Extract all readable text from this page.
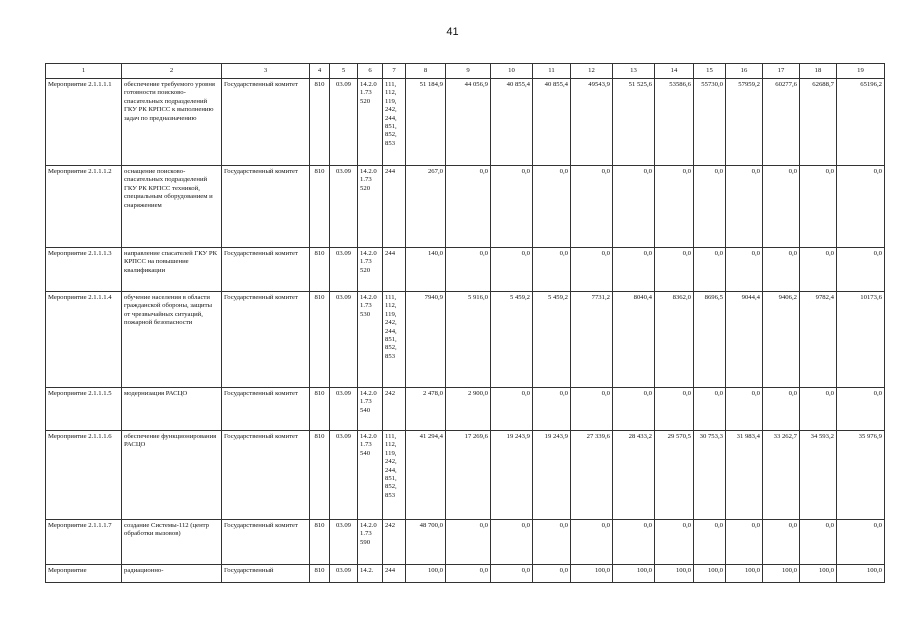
41
1	2	3	4	5	6	7	8	9	10	11	12	13	14	15	16	17	18	19
Мероприятие 2.1.1.1.1	обеспечение требуемого уровня готовности поисково-спасательных подразделений ГКУ РК КРПСС к выполнению задач по предназначению	Государственный комитет	810	03.09	14.2.01.73 520	111, 112, 119, 242, 244, 851, 852, 853	51 184,9	44 056,9	40 855,4	40 855,4	49543,9	51 525,6	53586,6	55730,0	57959,2	60277,6	62688,7	65196,2
Мероприятие 2.1.1.1.2	оснащение поисково-спасательных подразделений ГКУ РК КРПСС техникой, специальным оборудованием и снаряжением	Государственный комитет	810	03.09	14.2.01.73 520	244	267,0	0,0	0,0	0,0	0,0	0,0	0,0	0,0	0,0	0,0	0,0	0,0
Мероприятие 2.1.1.1.3	направление спасателей ГКУ РК КРПСС на повышение квалификации	Государственный комитет	810	03.09	14.2.01.73 520	244	140,0	0,0	0,0	0,0	0,0	0,0	0,0	0,0	0,0	0,0	0,0	0,0
Мероприятие 2.1.1.1.4	обучение населения в области гражданской обороны, защиты от чрезвычайных ситуаций, пожарной безопасности	Государственный комитет	810	03.09	14.2.01.73 530	111, 112, 119, 242, 244, 851, 852, 853	7940,9	5 916,0	5 459,2	5 459,2	7731,2	8040,4	8362,0	8696,5	9044,4	9406,2	9782,4	10173,6
Мероприятие 2.1.1.1.5	модернизация РАСЦО	Государственный комитет	810	03.09	14.2.01.73 540	242	2 478,0	2 900,0	0,0	0,0	0,0	0,0	0,0	0,0	0,0	0,0	0,0	0,0
Мероприятие 2.1.1.1.6	обеспечение функционирования РАСЦО	Государственный комитет	810	03.09	14.2.01.73 540	111, 112, 119, 242, 244, 851, 852, 853	41 294,4	17 269,6	19 243,9	19 243,9	27 339,6	28 433,2	29 570,5	30 753,3	31 983,4	33 262,7	34 593,2	35 976,9
Мероприятие 2.1.1.1.7	создание Системы-112 (центр обработки вызовов)	Государственный комитет	810	03.09	14.2.01.73 590	242	48 700,0	0,0	0,0	0,0	0,0	0,0	0,0	0,0	0,0	0,0	0,0	0,0
Мероприятие	радиационно-	Государственный	810	03.09	14.2.	244	100,0	0,0	0,0	0,0	100,0	100,0	100,0	100,0	100,0	100,0	100,0	100,0
